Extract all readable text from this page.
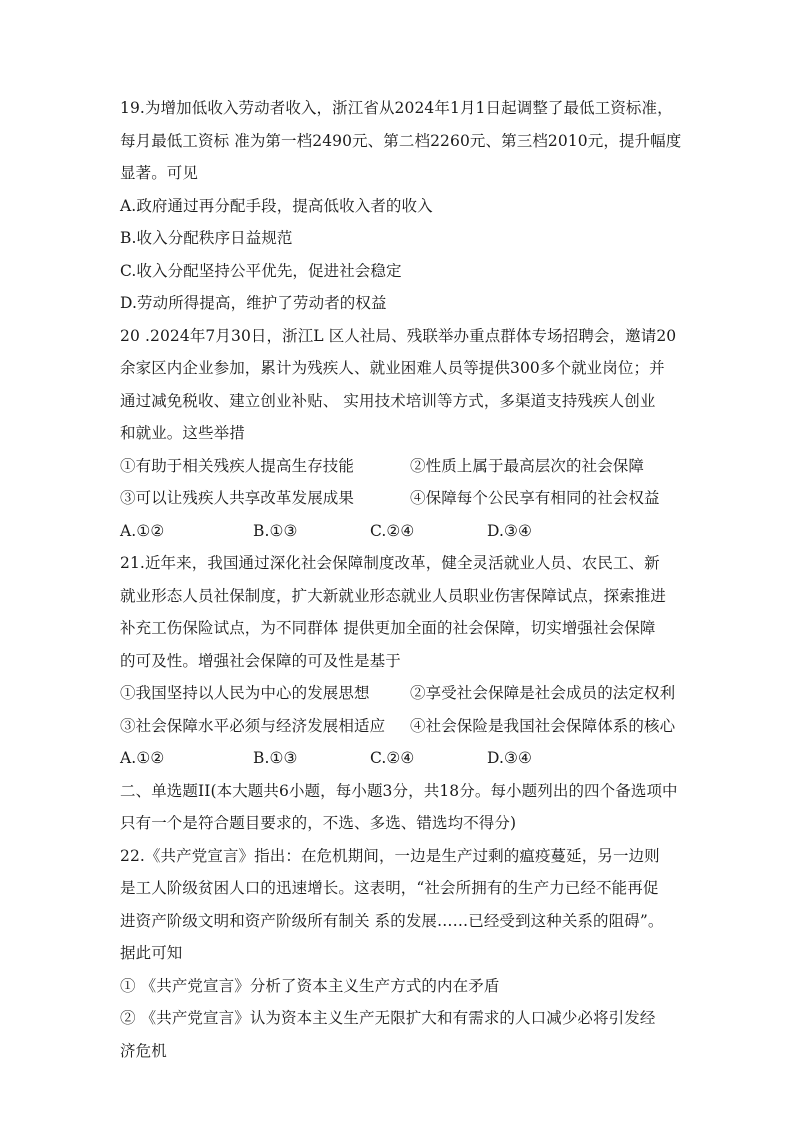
19.为增加低收入劳动者收入，浙江省从2024年1月1日起调整了最低工资标准，
每月最低工资标 准为第一档2490元、第二档2260元、第三档2010元，提升幅度
显著。可见
A.政府通过再分配手段，提高低收入者的收入
B.收入分配秩序日益规范
C.收入分配坚持公平优先，促进社会稳定
D.劳动所得提高，维护了劳动者的权益
20 .2024年7月30日，浙江L 区人社局、残联举办重点群体专场招聘会，邀请20
余家区内企业参加，累计为残疾人、就业困难人员等提供300多个就业岗位；并
通过减免税收、建立创业补贴、 实用技术培训等方式，多渠道支持残疾人创业
和就业。这些举措
①有助于相关残疾人提高生存技能	②性质上属于最高层次的社会保障
③可以让残疾人共享改革发展成果	④保障每个公民享有相同的社会权益
A.①②	B.①③	C.②④	D.③④
21.近年来，我国通过深化社会保障制度改革，健全灵活就业人员、农民工、新
就业形态人员社保制度，扩大新就业形态就业人员职业伤害保障试点，探索推进
补充工伤保险试点，为不同群体 提供更加全面的社会保障，切实增强社会保障
的可及性。增强社会保障的可及性是基于
①我国坚持以人民为中心的发展思想	②享受社会保障是社会成员的法定权利
③社会保障水平必须与经济发展相适应	④社会保险是我国社会保障体系的核心
A.①②	B.①③	C.②④	D.③④
二、单选题II(本大题共6小题，每小题3分，共18分。每小题列出的四个备选项中
只有一个是符合题目要求的，不选、多选、错选均不得分)
22.《共产党宣言》指出：在危机期间，一边是生产过剩的瘟疫蔓延，另一边则
是工人阶级贫困人口的迅速增长。这表明，“社会所拥有的生产力已经不能再促
进资产阶级文明和资产阶级所有制关 系的发展……已经受到这种关系的阻碍”。
据此可知
① 《共产党宣言》分析了资本主义生产方式的内在矛盾
② 《共产党宣言》认为资本主义生产无限扩大和有需求的人口减少必将引发经
济危机
